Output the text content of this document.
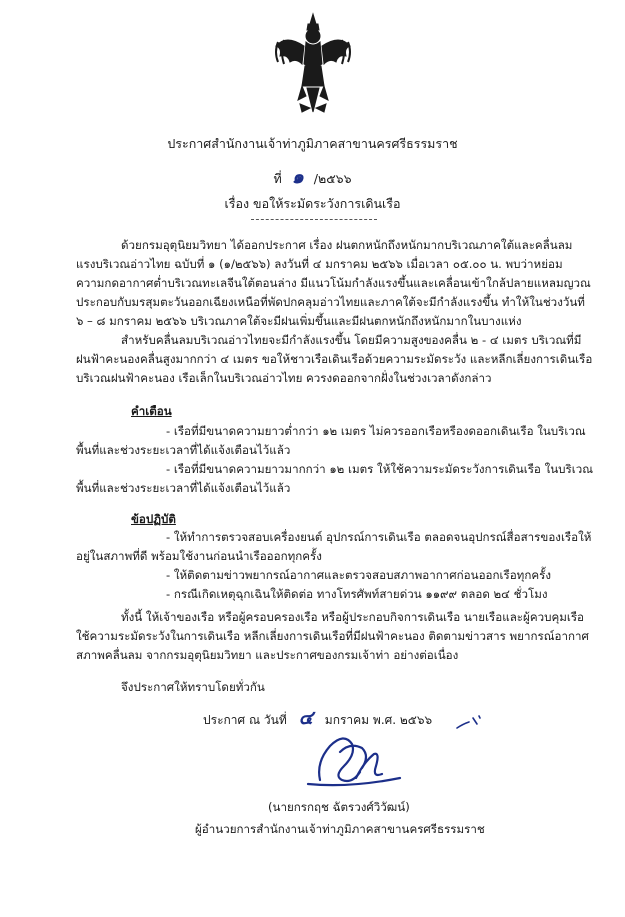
ประกาศสำนักงานเจ้าท่าภูมิภาคสาขานครศรีธรรมราช
ที่ ๑ /๒๕๖๖
เรื่อง ขอให้ระมัดระวังการเดินเรือ
ด้วยกรมอุตุนิยมวิทยา ได้ออกประกาศ เรื่อง ฝนตกหนักถึงหนักมากบริเวณภาคใต้และคลื่นลม
แรงบริเวณอ่าวไทย ฉบับที่ ๑ (๑/๒๕๖๖) ลงวันที่ ๔ มกราคม ๒๕๖๖ เมื่อเวลา ๐๕.๐๐ น. พบว่าหย่อม
ความกดอากาศต่ำบริเวณทะเลจีนใต้ตอนล่าง มีแนวโน้มกำลังแรงขึ้นและเคลื่อนเข้าใกล้ปลายแหลมญวณ
ประกอบกับมรสุมตะวันออกเฉียงเหนือที่พัดปกคลุมอ่าวไทยและภาคใต้จะมีกำลังแรงขึ้น ทำให้ในช่วงวันที่
๖ – ๘ มกราคม ๒๕๖๖ บริเวณภาคใต้จะมีฝนเพิ่มขึ้นและมีฝนตกหนักถึงหนักมากในบางแห่ง
สำหรับคลื่นลมบริเวณอ่าวไทยจะมีกำลังแรงขึ้น โดยมีความสูงของคลื่น ๒ - ๔ เมตร บริเวณที่มี
ฝนฟ้าคะนองคลื่นสูงมากกว่า ๔ เมตร ขอให้ชาวเรือเดินเรือด้วยความระมัดระวัง และหลีกเลี่ยงการเดินเรือ
บริเวณฝนฟ้าคะนอง เรือเล็กในบริเวณอ่าวไทย ควรงดออกจากฝั่งในช่วงเวลาดังกล่าว
คำเตือน
- เรือที่มีขนาดความยาวต่ำกว่า ๑๒ เมตร ไม่ควรออกเรือหรืองดออกเดินเรือ ในบริเวณ
พื้นที่และช่วงระยะเวลาที่ได้แจ้งเตือนไว้แล้ว
- เรือที่มีขนาดความยาวมากกว่า ๑๒ เมตร ให้ใช้ความระมัดระวังการเดินเรือ ในบริเวณ
พื้นที่และช่วงระยะเวลาที่ได้แจ้งเตือนไว้แล้ว
ข้อปฏิบัติ
- ให้ทำการตรวจสอบเครื่องยนต์ อุปกรณ์การเดินเรือ ตลอดจนอุปกรณ์สื่อสารของเรือให้
อยู่ในสภาพที่ดี พร้อมใช้งานก่อนนำเรือออกทุกครั้ง
- ให้ติดตามข่าวพยากรณ์อากาศและตรวจสอบสภาพอากาศก่อนออกเรือทุกครั้ง
- กรณีเกิดเหตุฉุกเฉินให้ติดต่อ ทางโทรศัพท์สายด่วน ๑๑๙๙ ตลอด ๒๔ ชั่วโมง
ทั้งนี้ ให้เจ้าของเรือ หรือผู้ครอบครองเรือ หรือผู้ประกอบกิจการเดินเรือ นายเรือและผู้ควบคุมเรือ
ใช้ความระมัดระวังในการเดินเรือ หลีกเลี่ยงการเดินเรือที่มีฝนฟ้าคะนอง ติดตามข่าวสาร พยากรณ์อากาศ
สภาพคลื่นลม จากกรมอุตุนิยมวิทยา และประกาศของกรมเจ้าท่า อย่างต่อเนื่อง
จึงประกาศให้ทราบโดยทั่วกัน
ประกาศ ณ วันที่ ๔ มกราคม พ.ศ. ๒๕๖๖
(นายกรกฤช ฉัตรวงศ์วิวัฒน์)
ผู้อำนวยการสำนักงานเจ้าท่าภูมิภาคสาขานครศรีธรรมราช
